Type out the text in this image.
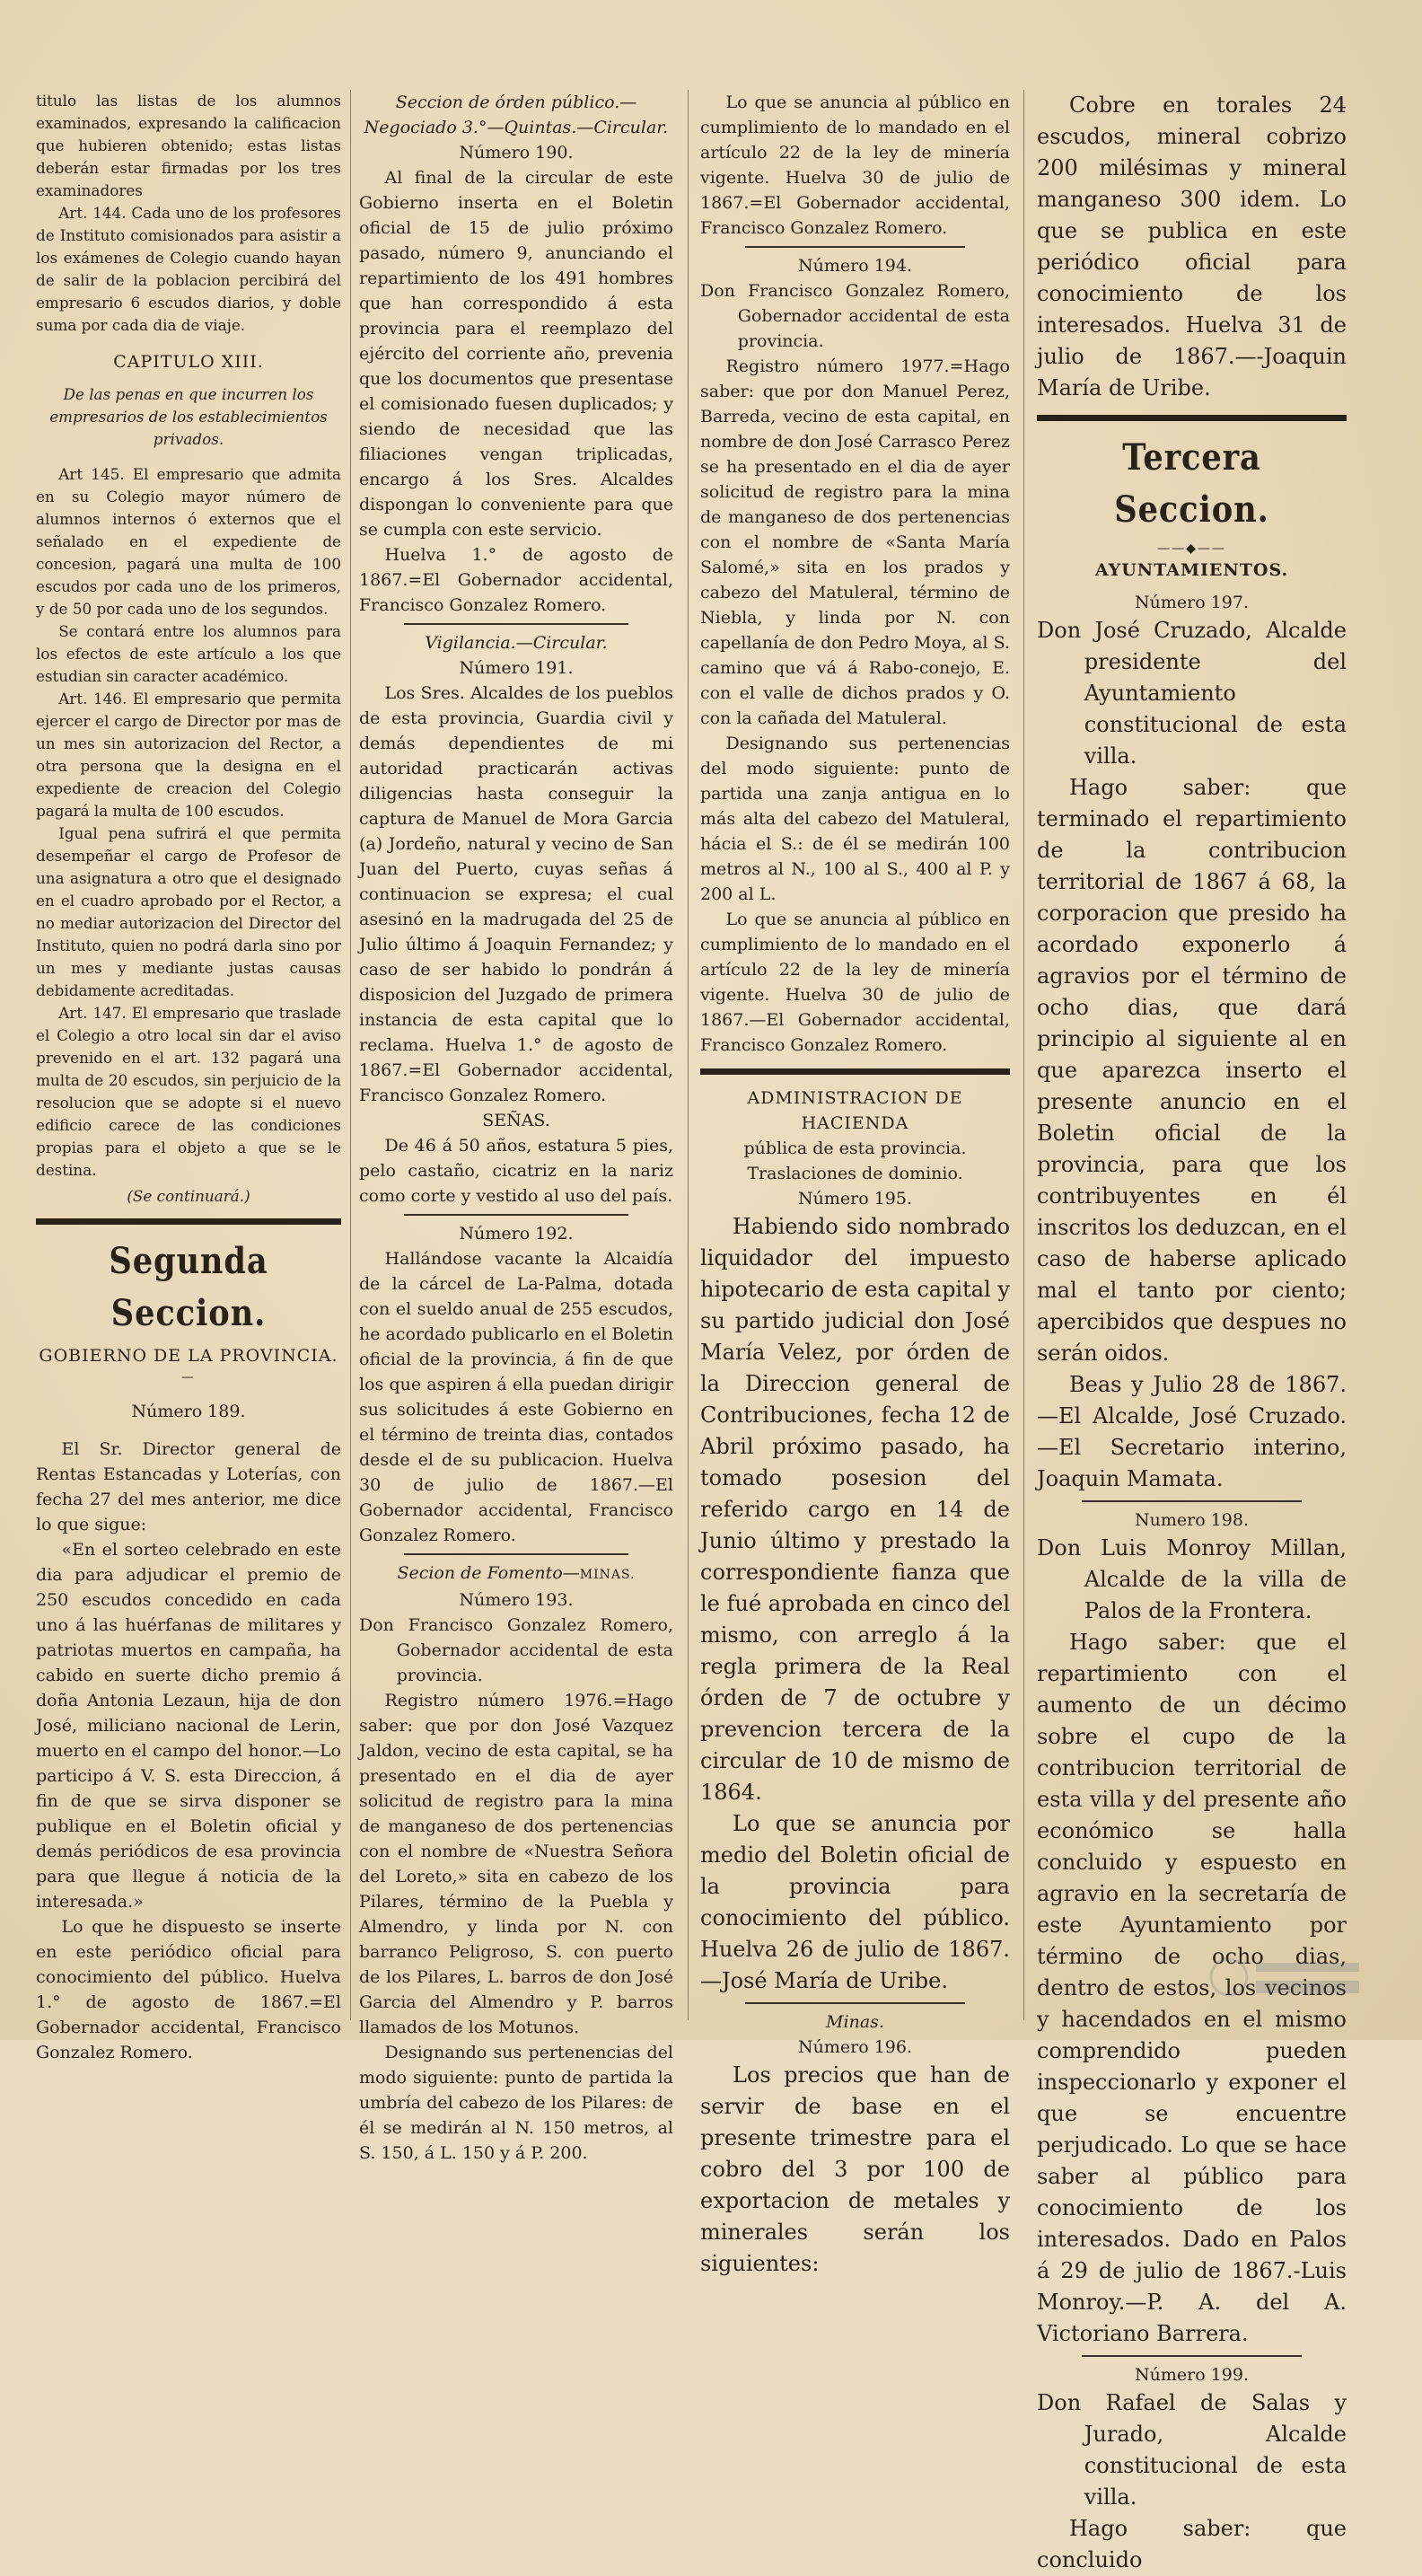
titulo las listas de los alumnos examinados, expresando la calificacion que hubieren obtenido; estas listas deberán estar firmadas por los tres examinadores

Art. 144. Cada uno de los profesores de Instituto comisionados para asistir a los exámenes de Colegio cuando hayan de salir de la poblacion percibirá del empresario 6 escudos diarios, y doble suma por cada dia de viaje.

CAPITULO XIII.

De las penas en que incurren los empresarios de los establecimientos privados.

Art 145. El empresario que admita en su Colegio mayor número de alumnos internos ó externos que el señalado en el expediente de concesion, pagará una multa de 100 escudos por cada uno de los primeros, y de 50 por cada uno de los segundos.

Se contará entre los alumnos para los efectos de este artículo a los que estudian sin caracter académico.

Art. 146. El empresario que permita ejercer el cargo de Director por mas de un mes sin autorizacion del Rector, a otra persona que la designa en el expediente de creacion del Colegio pagará la multa de 100 escudos.

Igual pena sufrirá el que permita desempeñar el cargo de Profesor de una asignatura a otro que el designado en el cuadro aprobado por el Rector, a no mediar autorizacion del Director del Instituto, quien no podrá darla sino por un mes y mediante justas causas debidamente acreditadas.

Art. 147. El empresario que traslade el Colegio a otro local sin dar el aviso prevenido en el art. 132 pagará una multa de 20 escudos, sin perjuicio de la resolucion que se adopte si el nuevo edificio carece de las condiciones propias para el objeto a que se le destina.

(Se continuará.)

Segunda Seccion.

GOBIERNO DE LA PROVINCIA.

—

Número 189.

El Sr. Director general de Rentas Estancadas y Loterías, con fecha 27 del mes anterior, me dice lo que sigue:

«En el sorteo celebrado en este dia para adjudicar el premio de 250 escudos concedido en cada uno á las huérfanas de militares y patriotas muertos en campaña, ha cabido en suerte dicho premio á doña Antonia Lezaun, hija de don José, miliciano nacional de Lerin, muerto en el campo del honor.—Lo participo á V. S. esta Direccion, á fin de que se sirva disponer se publique en el Boletin oficial y demás periódicos de esa provincia para que llegue á noticia de la interesada.»

Lo que he dispuesto se inserte en este periódico oficial para conocimiento del público. Huelva 1.° de agosto de 1867.=El Gobernador accidental, Francisco Gonzalez Romero.

Seccion de órden público.—Negociado 3.°—Quintas.—Circular.

Número 190.

Al final de la circular de este Gobierno inserta en el Boletin oficial de 15 de julio próximo pasado, número 9, anunciando el repartimiento de los 491 hombres que han correspondido á esta provincia para el reemplazo del ejército del corriente año, prevenia que los documentos que presentase el comisionado fuesen duplicados; y siendo de necesidad que las filiaciones vengan triplicadas, encargo á los Sres. Alcaldes dispongan lo conveniente para que se cumpla con este servicio.

Huelva 1.° de agosto de 1867.=El Gobernador accidental, Francisco Gonzalez Romero.

Vigilancia.—Circular.

Número 191.

Los Sres. Alcaldes de los pueblos de esta provincia, Guardia civil y demás dependientes de mi autoridad practicarán activas diligencias hasta conseguir la captura de Manuel de Mora Garcia (a) Jordeño, natural y vecino de San Juan del Puerto, cuyas señas á continuacion se expresa; el cual asesinó en la madrugada del 25 de Julio último á Joaquin Fernandez; y caso de ser habido lo pondrán á disposicion del Juzgado de primera instancia de esta capital que lo reclama. Huelva 1.° de agosto de 1867.=El Gobernador accidental, Francisco Gonzalez Romero.

SEÑAS.

De 46 á 50 años, estatura 5 pies, pelo castaño, cicatriz en la nariz como corte y vestido al uso del país.

Número 192.

Hallándose vacante la Alcaidía de la cárcel de La-Palma, dotada con el sueldo anual de 255 escudos, he acordado publicarlo en el Boletin oficial de la provincia, á fin de que los que aspiren á ella puedan dirigir sus solicitudes á este Gobierno en el término de treinta dias, contados desde el de su publicacion. Huelva 30 de julio de 1867.—El Gobernador accidental, Francisco Gonzalez Romero.

Secion de Fomento—MINAS.

Número 193.

Don Francisco Gonzalez Romero, Gobernador accidental de esta provincia.

Registro número 1976.=Hago saber: que por don José Vazquez Jaldon, vecino de esta capital, se ha presentado en el dia de ayer solicitud de registro para la mina de manganeso de dos pertenencias con el nombre de «Nuestra Señora del Loreto,» sita en cabezo de los Pilares, término de la Puebla y Almendro, y linda por N. con barranco Peligroso, S. con puerto de los Pilares, L. barros de don José Garcia del Almendro y P. barros llamados de los Motunos.

Designando sus pertenencias del modo siguiente: punto de partida la umbría del cabezo de los Pilares: de él se medirán al N. 150 metros, al S. 150, á L. 150 y á P. 200.

Lo que se anuncia al público en cumplimiento de lo mandado en el artículo 22 de la ley de minería vigente. Huelva 30 de julio de 1867.=El Gobernador accidental, Francisco Gonzalez Romero.

Número 194.

Don Francisco Gonzalez Romero, Gobernador accidental de esta provincia.

Registro número 1977.=Hago saber: que por don Manuel Perez, Barreda, vecino de esta capital, en nombre de don José Carrasco Perez se ha presentado en el dia de ayer solicitud de registro para la mina de manganeso de dos pertenencias con el nombre de «Santa María Salomé,» sita en los prados y cabezo del Matuleral, término de Niebla, y linda por N. con capellanía de don Pedro Moya, al S. camino que vá á Rabo-conejo, E. con el valle de dichos prados y O. con la cañada del Matuleral.

Designando sus pertenencias del modo siguiente: punto de partida una zanja antigua en lo más alta del cabezo del Matuleral, hácia el S.: de él se medirán 100 metros al N., 100 al S., 400 al P. y 200 al L.

Lo que se anuncia al público en cumplimiento de lo mandado en el artículo 22 de la ley de minería vigente. Huelva 30 de julio de 1867.—El Gobernador accidental, Francisco Gonzalez Romero.

ADMINISTRACION DE HACIENDA

pública de esta provincia.

Traslaciones de dominio.

Número 195.

Habiendo sido nombrado liquidador del impuesto hipotecario de esta capital y su partido judicial don José María Velez, por órden de la Direccion general de Contribuciones, fecha 12 de Abril próximo pasado, ha tomado posesion del referido cargo en 14 de Junio último y prestado la correspondiente fianza que le fué aprobada en cinco del mismo, con arreglo á la regla primera de la Real órden de 7 de octubre y prevencion tercera de la circular de 10 de mismo de 1864.

Lo que se anuncia por medio del Boletin oficial de la provincia para conocimiento del público. Huelva 26 de julio de 1867.—José María de Uribe.

Minas.

Número 196.

Los precios que han de servir de base en el presente trimestre para el cobro del 3 por 100 de exportacion de metales y minerales serán los siguientes:

Cobre en torales 24 escudos, mineral cobrizo 200 milésimas y mineral manganeso 300 idem. Lo que se publica en este periódico oficial para conocimiento de los interesados. Huelva 31 de julio de 1867.—-Joaquin María de Uribe.

Tercera Seccion.

——◆——

AYUNTAMIENTOS.

Número 197.

Don José Cruzado, Alcalde presidente del Ayuntamiento constitucional de esta villa.

Hago saber: que terminado el repartimiento de la contribucion territorial de 1867 á 68, la corporacion que presido ha acordado exponerlo á agravios por el término de ocho dias, que dará principio al siguiente al en que aparezca inserto el presente anuncio en el Boletin oficial de la provincia, para que los contribuyentes en él inscritos los deduzcan, en el caso de haberse aplicado mal el tanto por ciento; apercibidos que despues no serán oidos.

Beas y Julio 28 de 1867. —El Alcalde, José Cruzado. —El Secretario interino, Joaquin Mamata.

Numero 198.

Don Luis Monroy Millan, Alcalde de la villa de Palos de la Frontera.

Hago saber: que el repartimiento con el aumento de un décimo sobre el cupo de la contribucion territorial de esta villa y del presente año económico se halla concluido y espuesto en agravio en la secretaría de este Ayuntamiento por término de ocho dias, dentro de estos, los vecinos y hacendados en el mismo comprendido pueden inspeccionarlo y exponer el que se encuentre perjudicado. Lo que se hace saber al público para conocimiento de los interesados. Dado en Palos á 29 de julio de 1867.-Luis Monroy.—P. A. del A. Victoriano Barrera.

Número 199.

Don Rafael de Salas y Jurado, Alcalde constitucional de esta villa.

Hago saber: que concluido
